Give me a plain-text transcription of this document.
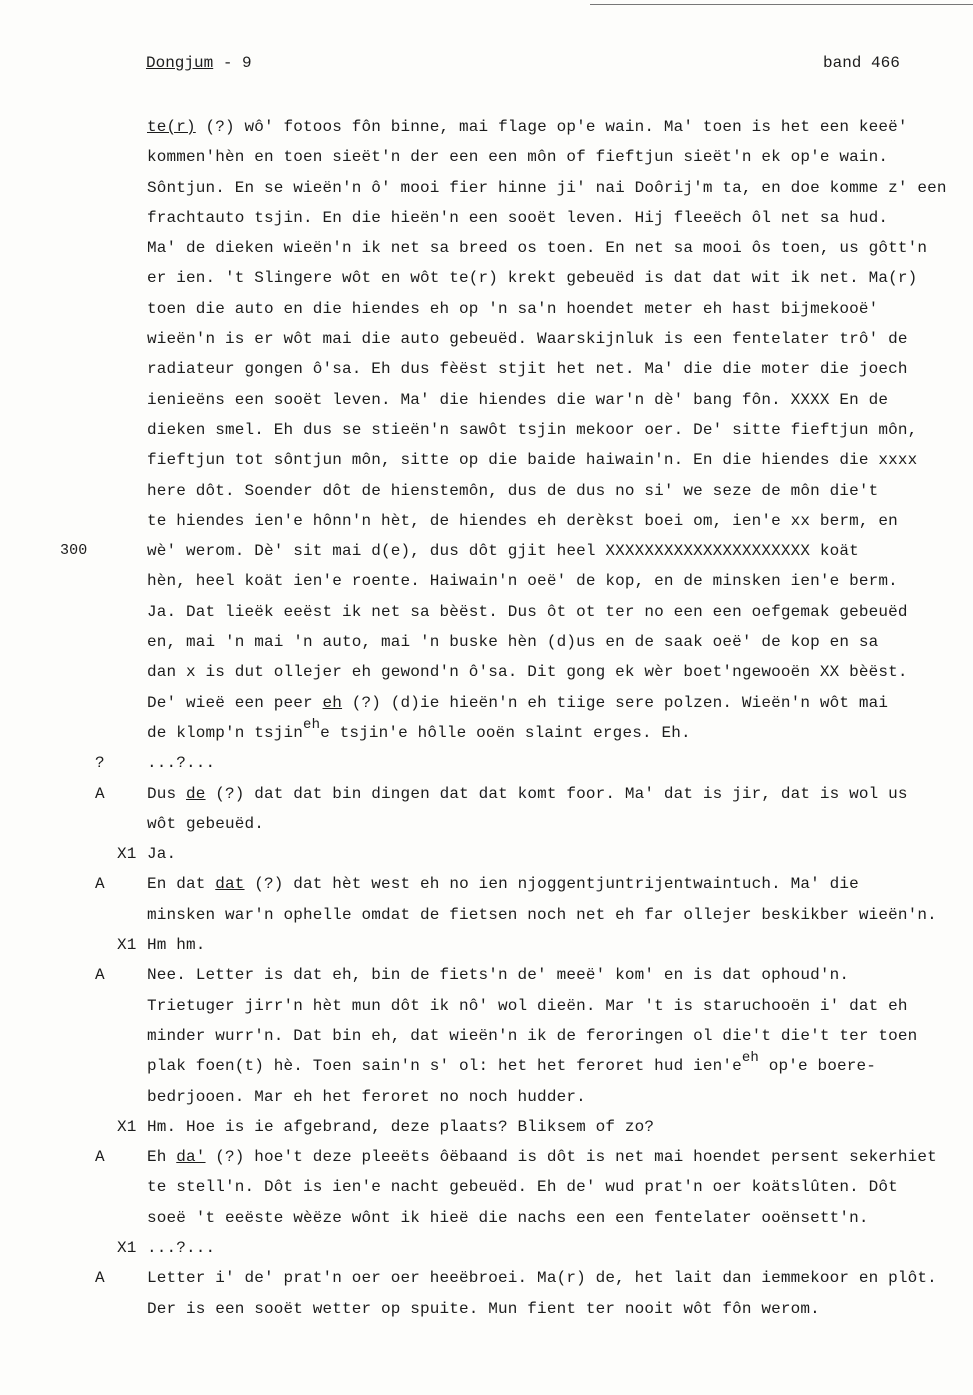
Dongjum - 9	band 466
te(r) (?) wô' fotoos fôn binne, mai flage op'e wain. Ma' toen is het een keeë'
kommen'hèn en toen sieët'n der een een môn of fieftjun sieët'n ek op'e wain.
Sôntjun. En se wieën'n ô' mooi fier hinne ji' nai Doôrij'm ta, en doe komme z' een
frachtauto tsjin. En die hieën'n een sooët leven. Hij fleeëch ôl net sa hud.
Ma' de dieken wieën'n ik net sa breed os toen. En net sa mooi ôs toen, us gôtt'n
er ien. 't Slingere wôt en wôt te(r) krekt gebeuëd is dat dat wit ik net. Ma(r)
toen die auto en die hiendes eh op 'n sa'n hoendet meter eh hast bijmekooë'
wieën'n is er wôt mai die auto gebeuëd. Waarskijnluk is een fentelater trô' de
radiateur gongen ô'sa. Eh dus fèëst stjit het net. Ma' die die moter die joech
ienieëns een sooët leven. Ma' die hiendes die war'n dè' bang fôn. XXXX En de
dieken smel. Eh dus se stieën'n sawôt tsjin mekoor oer. De' sitte fieftjun môn,
fieftjun tot sôntjun môn, sitte op die baide haiwain'n. En die hiendes die xxxx
here dôt. Soender dôt de hienstemôn, dus de dus no si' we seze de môn die't
te hiendes ien'e hônn'n hèt, de hiendes eh derèkst boei om, ien'e xx berm, en
300	wè' werom. Dè' sit mai d(e), dus dôt gjit heel XXXXXXXXXXXXXXXXXXXXX koät
hèn, heel koät ien'e roente. Haiwain'n oeë' de kop, en de minsken ien'e berm.
Ja. Dat lieëk eeëst ik net sa bèëst. Dus ôt ot ter no een een oefgemak gebeuëd
en, mai 'n mai 'n auto, mai 'n buske hèn (d)us en de saak oeë' de kop en sa
dan x is dut ollejer eh gewond'n ô'sa. Dit gong ek wèr boet'ngewooën XX bèëst.
De' wieë een peer eh (?) (d)ie hieën'n eh tiige sere polzen. Wieën'n wôt mai
de klomp'n tsjinehe tsjin'e hôlle ooën slaint erges. Eh.
?	...?...
A	Dus de (?) dat dat bin dingen dat dat komt foor. Ma' dat is jir, dat is wol us
wôt gebeuëd.
X1 Ja.
A	En dat dat (?) dat hèt west eh no ien njoggentjuntrijentwaintuch. Ma' die
minsken war'n ophelle omdat de fietsen noch net eh far ollejer beskikber wieën'n.
X1 Hm hm.
A	Nee. Letter is dat eh, bin de fiets'n de' meeë' kom' en is dat ophoud'n.
Trietuger jirr'n hèt mun dôt ik nô' wol dieën. Mar 't is staruchooën i' dat eh
minder wurr'n. Dat bin eh, dat wieën'n ik de feroringen ol die't die't ter toen
plak foen(t) hè. Toen sain'n s' ol: het het feroret hud ien'eeh op'e boere-
bedrjooen. Mar eh het feroret no noch hudder.
X1 Hm. Hoe is ie afgebrand, deze plaats? Bliksem of zo?
A	Eh da' (?) hoe't deze pleeëts ôëbaand is dôt is net mai hoendet persent sekerhiet
te stell'n. Dôt is ien'e nacht gebeuëd. Eh de' wud prat'n oer koätslûten. Dôt
soeë 't eeëste wèëze wônt ik hieë die nachs een een fentelater ooënsett'n.
X1 ...?...
A	Letter i' de' prat'n oer oer heeëbroei. Ma(r) de, het lait dan iemmekoor en plôt.
Der is een sooët wetter op spuite. Mun fient ter nooit wôt fôn werom.
